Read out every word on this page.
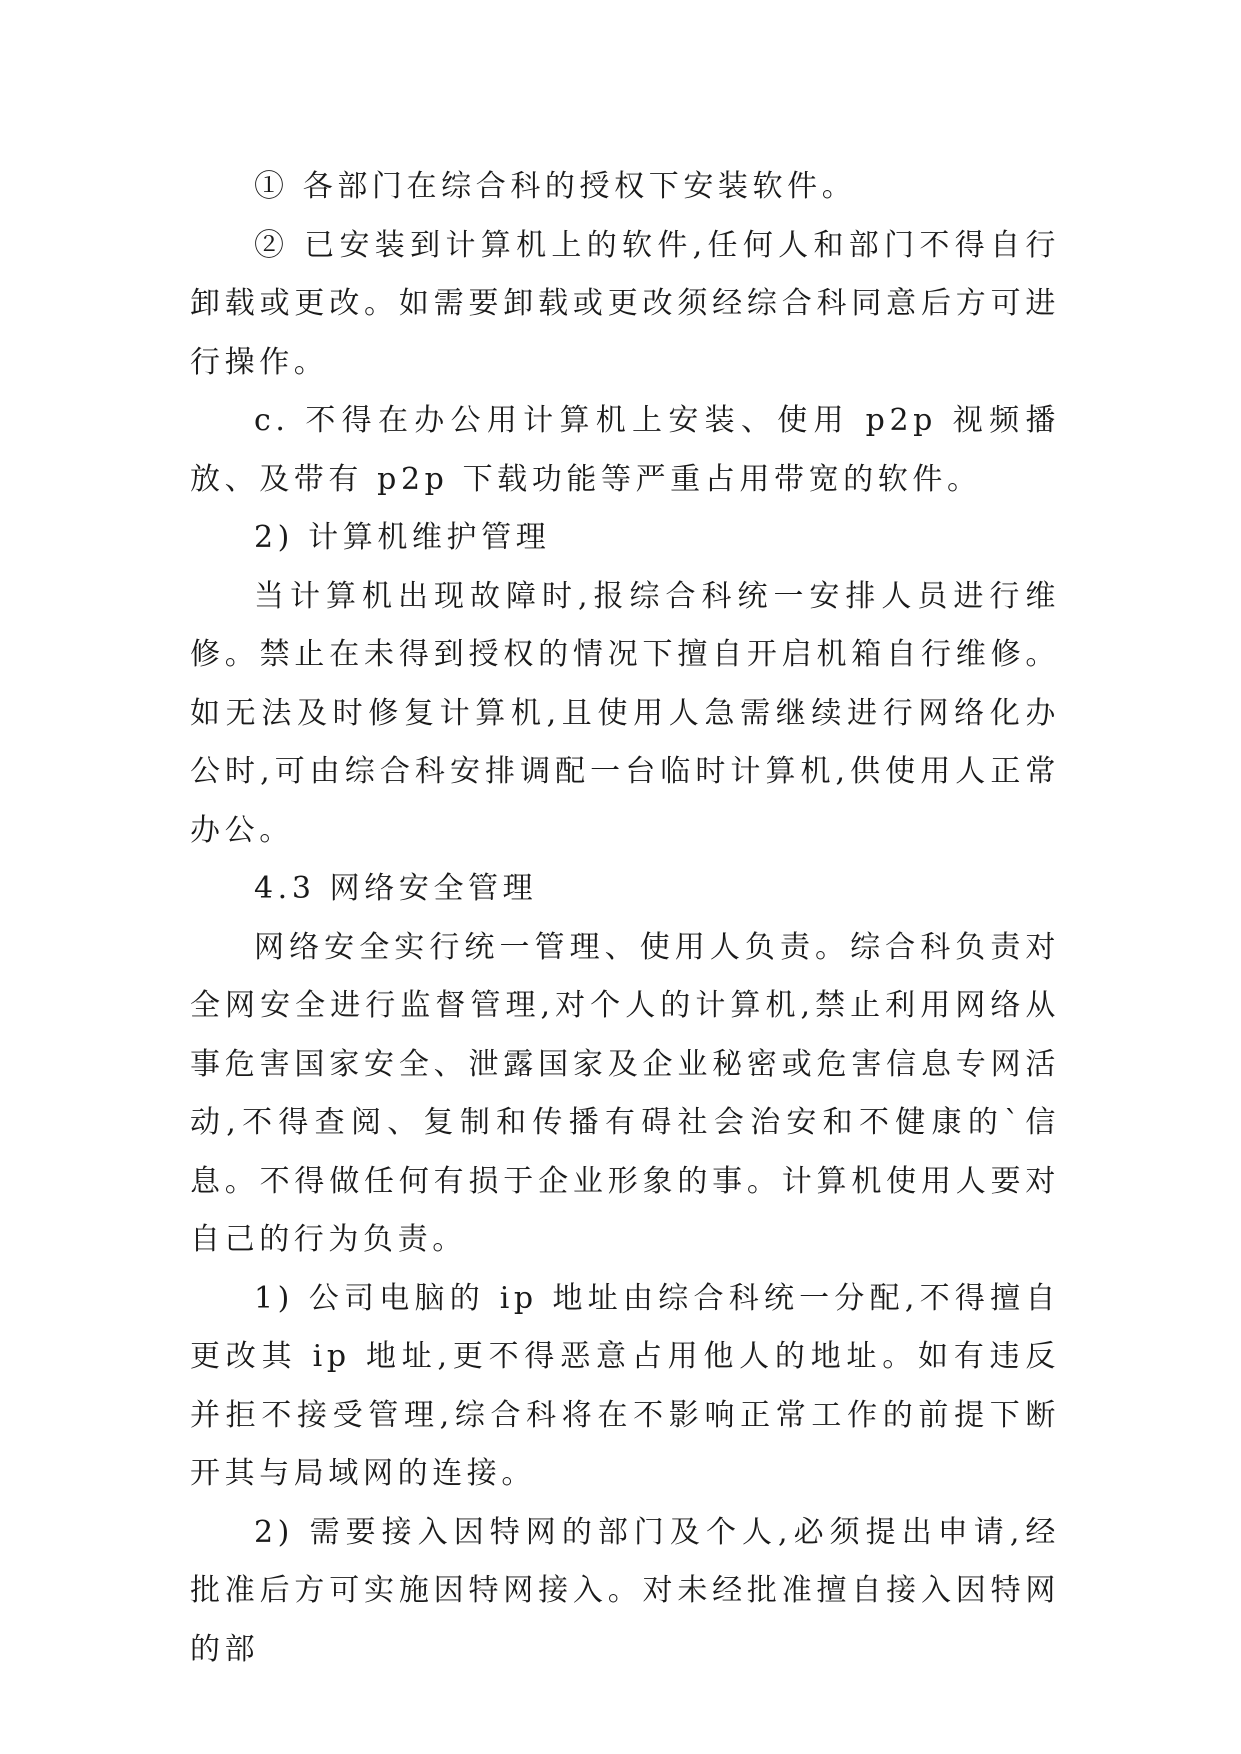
① 各部门在综合科的授权下安装软件。

② 已安装到计算机上的软件,任何人和部门不得自行卸载或更改。如需要卸载或更改须经综合科同意后方可进行操作。

c. 不得在办公用计算机上安装、使用 p2p 视频播放、及带有 p2p 下载功能等严重占用带宽的软件。

2) 计算机维护管理

当计算机出现故障时,报综合科统一安排人员进行维修。禁止在未得到授权的情况下擅自开启机箱自行维修。如无法及时修复计算机,且使用人急需继续进行网络化办公时,可由综合科安排调配一台临时计算机,供使用人正常办公。

4.3 网络安全管理

网络安全实行统一管理、使用人负责。综合科负责对全网安全进行监督管理,对个人的计算机,禁止利用网络从事危害国家安全、泄露国家及企业秘密或危害信息专网活动,不得查阅、复制和传播有碍社会治安和不健康的`信息。不得做任何有损于企业形象的事。计算机使用人要对自己的行为负责。

1) 公司电脑的 ip 地址由综合科统一分配,不得擅自更改其 ip 地址,更不得恶意占用他人的地址。如有违反并拒不接受管理,综合科将在不影响正常工作的前提下断开其与局域网的连接。

2) 需要接入因特网的部门及个人,必须提出申请,经批准后方可实施因特网接入。对未经批准擅自接入因特网的部
